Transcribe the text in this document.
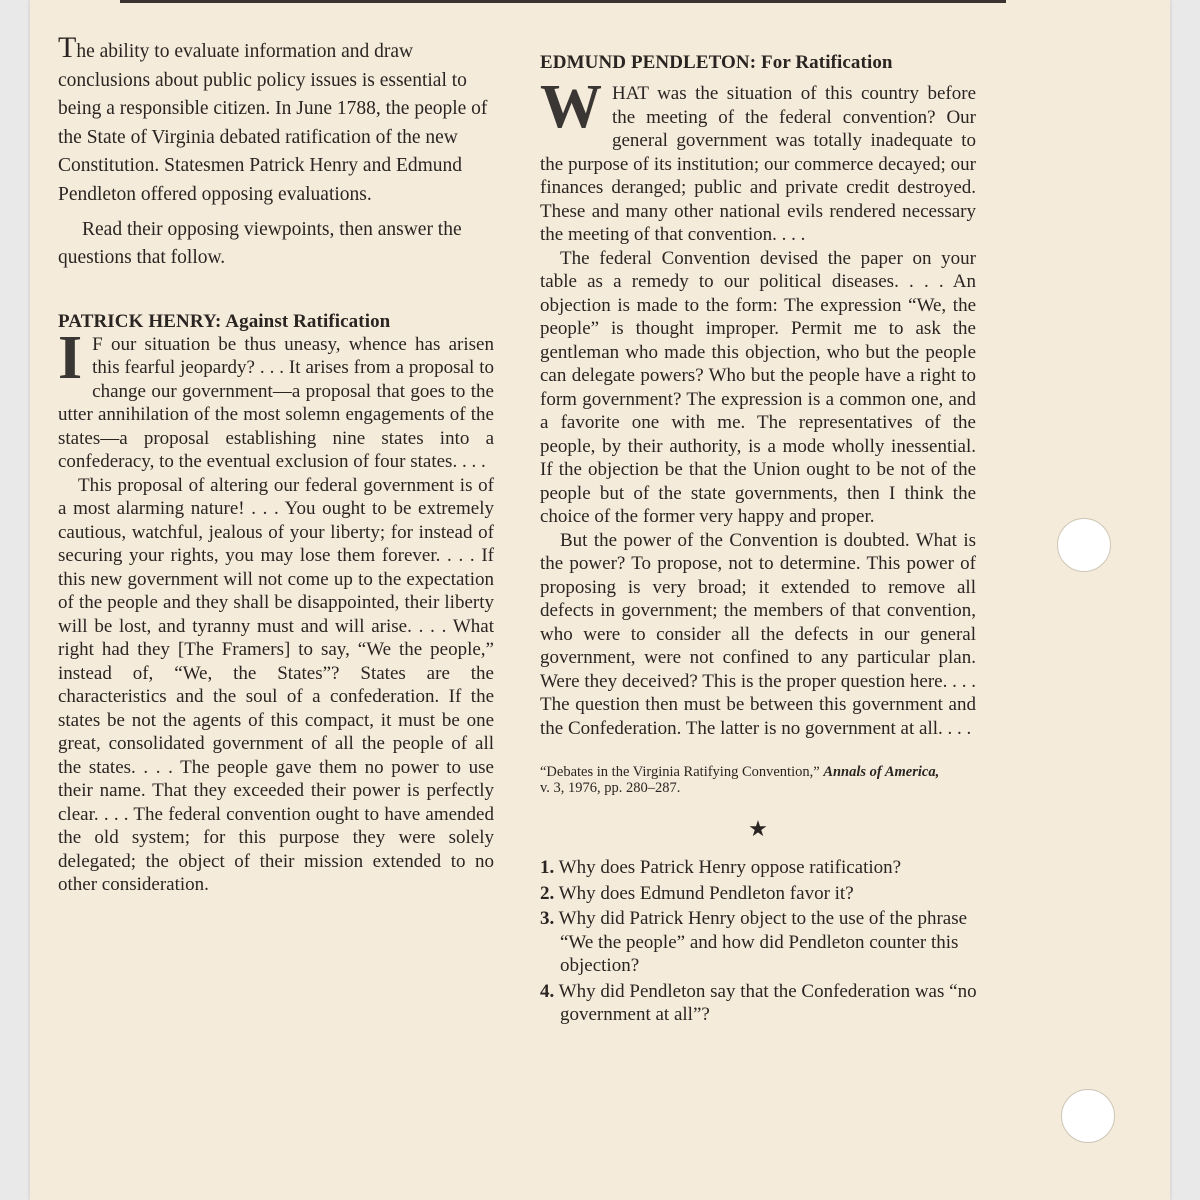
The ability to evaluate information and draw conclusions about public policy issues is essential to being a responsible citizen. In June 1788, the people of the State of Virginia debated ratification of the new Constitution. Statesmen Patrick Henry and Edmund Pendleton offered opposing evaluations.

Read their opposing viewpoints, then answer the questions that follow.

PATRICK HENRY: Against Ratification

I F our situation be thus uneasy, whence has arisen this fearful jeopardy? . . . It arises from a proposal to change our government—a proposal that goes to the utter annihilation of the most solemn engagements of the states—a proposal establishing nine states into a confederacy, to the eventual exclusion of four states. . . .

This proposal of altering our federal government is of a most alarming nature! . . . You ought to be extremely cautious, watchful, jealous of your liberty; for instead of securing your rights, you may lose them forever. . . . If this new government will not come up to the expectation of the people and they shall be disappointed, their liberty will be lost, and tyranny must and will arise. . . . What right had they [The Framers] to say, “We the people,” instead of, “We, the States”? States are the characteristics and the soul of a confederation. If the states be not the agents of this compact, it must be one great, consolidated government of all the people of all the states. . . . The people gave them no power to use their name. That they exceeded their power is perfectly clear. . . . The federal convention ought to have amended the old system; for this purpose they were solely delegated; the object of their mission extended to no other consideration.

EDMUND PENDLETON: For Ratification

WHAT was the situation of this country before the meeting of the federal convention? Our general government was totally inadequate to the purpose of its institution; our commerce decayed; our finances deranged; public and private credit destroyed. These and many other national evils rendered necessary the meeting of that convention. . . .

The federal Convention devised the paper on your table as a remedy to our political diseases. . . . An objection is made to the form: The expression “We, the people” is thought improper. Permit me to ask the gentleman who made this objection, who but the people can delegate powers? Who but the people have a right to form government? The expression is a common one, and a favorite one with me. The representatives of the people, by their authority, is a mode wholly inessential. If the objection be that the Union ought to be not of the people but of the state governments, then I think the choice of the former very happy and proper.

But the power of the Convention is doubted. What is the power? To propose, not to determine. This power of proposing is very broad; it extended to remove all defects in government; the members of that convention, who were to consider all the defects in our general government, were not confined to any particular plan. Were they deceived? This is the proper question here. . . . The question then must be between this government and the Confederation. The latter is no government at all. . . .

“Debates in the Virginia Ratifying Convention,” Annals of America, v. 3, 1976, pp. 280–287.
★
1. Why does Patrick Henry oppose ratification?
2. Why does Edmund Pendleton favor it?
3. Why did Patrick Henry object to the use of the phrase “We the people” and how did Pendleton counter this objection?
4. Why did Pendleton say that the Confederation was “no government at all”?
